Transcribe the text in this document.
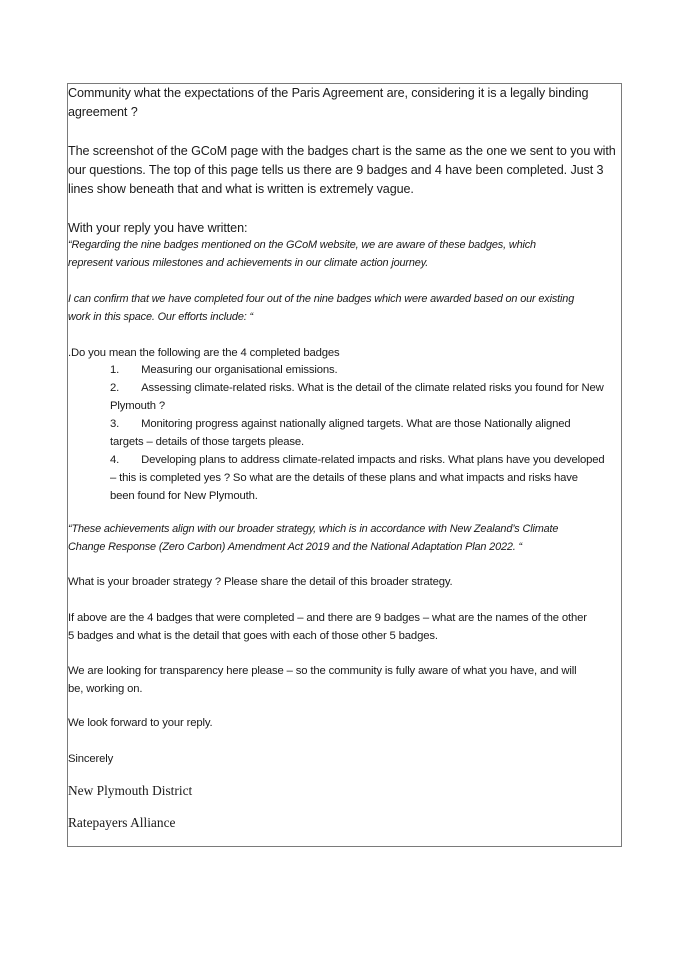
Community what the expectations of the Paris Agreement are, considering it is a legally binding

agreement ?

The screenshot of the GCoM page with the badges chart is the same as the one we sent to you with

our questions. The top of this page tells us there are 9 badges and 4 have been completed. Just 3

lines show beneath that and what is written is extremely vague.

With your reply you have written:

“Regarding the nine badges mentioned on the GCoM website, we are aware of these badges, which

represent various milestones and achievements in our climate action journey.

I can confirm that we have completed four out of the nine badges which were awarded based on our existing

work in this space. Our efforts include: “

.Do you mean the following are the 4 completed badges

1. Measuring our organisational emissions.
2. Assessing climate-related risks. What is the detail of the climate related risks you found for New
Plymouth ?
3. Monitoring progress against nationally aligned targets. What are those Nationally aligned
targets – details of those targets please.
4. Developing plans to address climate-related impacts and risks. What plans have you developed
– this is completed yes ? So what are the details of these plans and what impacts and risks have
been found for New Plymouth.

“These achievements align with our broader strategy, which is in accordance with New Zealand’s Climate

Change Response (Zero Carbon) Amendment Act 2019 and the National Adaptation Plan 2022. “

What is your broader strategy ? Please share the detail of this broader strategy.

If above are the 4 badges that were completed – and there are 9 badges – what are the names of the other

5 badges and what is the detail that goes with each of those other 5 badges.

We are looking for transparency here please – so the community is fully aware of what you have, and will

be, working on.

We look forward to your reply.

Sincerely

New Plymouth District

Ratepayers Alliance
